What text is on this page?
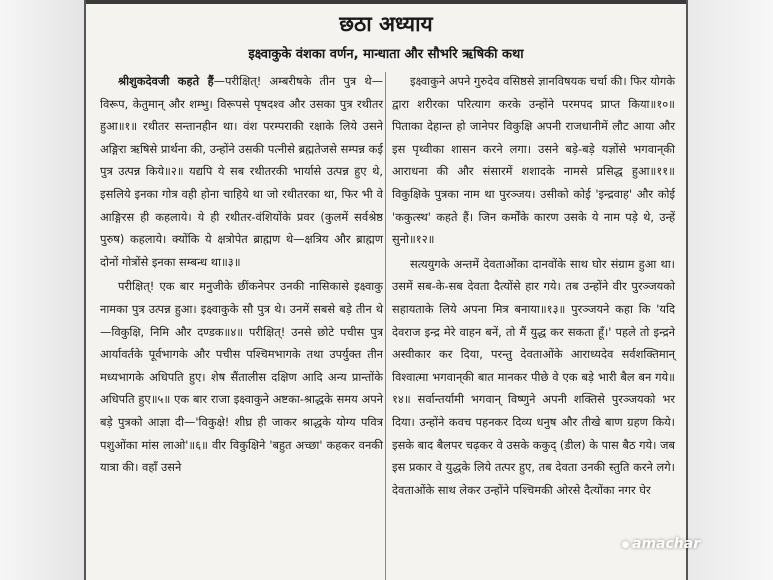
छठा अध्याय
इक्ष्वाकुके वंशका वर्णन, मान्धाता और सौभरि ऋषिकी कथा

श्रीशुकदेवजी कहते हैं—परीक्षित्! अम्बरीषके तीन पुत्र थे—विरूप, केतुमान् और शम्भु। विरूपसे पृषदश्व और उसका पुत्र रथीतर हुआ॥१॥ रथीतर सन्तानहीन था। वंश परम्पराकी रक्षाके लिये उसने अङ्गिरा ऋषिसे प्रार्थना की, उन्होंने उसकी पत्नीसे ब्रह्मतेजसे सम्पन्न कई पुत्र उत्पन्न किये॥२॥ यद्यपि ये सब रथीतरकी भार्यासे उत्पन्न हुए थे, इसलिये इनका गोत्र वही होना चाहिये था जो रथीतरका था, फिर भी वे आङ्गिरस ही कहलाये। ये ही रथीतर-वंशियोंके प्रवर (कुलमें सर्वश्रेष्ठ पुरुष) कहलाये। क्योंकि ये क्षत्रोपेत ब्राह्मण थे—क्षत्रिय और ब्राह्मण दोनों गोत्रोंसे इनका सम्बन्ध था॥३॥

परीक्षित्! एक बार मनुजीके छींकनेपर उनकी नासिकासे इक्ष्वाकु नामका पुत्र उत्पन्न हुआ। इक्ष्वाकुके सौ पुत्र थे। उनमें सबसे बड़े तीन थे—विकुक्षि, निमि और दण्डक॥४॥ परीक्षित्! उनसे छोटे पचीस पुत्र आर्यावर्तके पूर्वभागके और पचीस पश्चिमभागके तथा उपर्युक्त तीन मध्यभागके अधिपति हुए। शेष सैंतालीस दक्षिण आदि अन्य प्रान्तोंके अधिपति हुए॥५॥ एक बार राजा इक्ष्वाकुने अष्टका-श्राद्धके समय अपने बड़े पुत्रको आज्ञा दी—'विकुक्षे! शीघ्र ही जाकर श्राद्धके योग्य पवित्र पशुओंका मांस लाओ'॥६॥ वीर विकुक्षिने 'बहुत अच्छा' कहकर वनकी यात्रा की। वहाँ उसने

इक्ष्वाकुने अपने गुरुदेव वसिष्ठसे ज्ञानविषयक चर्चा की। फिर योगके द्वारा शरीरका परित्याग करके उन्होंने परमपद प्राप्त किया॥१०॥ पिताका देहान्त हो जानेपर विकुक्षि अपनी राजधानीमें लौट आया और इस पृथ्वीका शासन करने लगा। उसने बड़े-बड़े यज्ञोंसे भगवान्‌की आराधना की और संसारमें शशादके नामसे प्रसिद्ध हुआ॥११॥ विकुक्षिके पुत्रका नाम था पुरञ्जय। उसीको कोई 'इन्द्रवाह' और कोई 'ककुत्स्थ' कहते हैं। जिन कर्मोंके कारण उसके ये नाम पड़े थे, उन्हें सुनो॥१२॥

सत्ययुगके अन्तमें देवताओंका दानवोंके साथ घोर संग्राम हुआ था। उसमें सब-के-सब देवता दैत्योंसे हार गये। तब उन्होंने वीर पुरञ्जयको सहायताके लिये अपना मित्र बनाया॥१३॥ पुरञ्जयने कहा कि 'यदि देवराज इन्द्र मेरे वाहन बनें, तो मैं युद्ध कर सकता हूँ।' पहले तो इन्द्रने अस्वीकार कर दिया, परन्तु देवताओंके आराध्यदेव सर्वशक्तिमान् विश्वात्मा भगवान्‌की बात मानकर पीछे वे एक बड़े भारी बैल बन गये॥१४॥ सर्वान्तर्यामी भगवान् विष्णुने अपनी शक्तिसे पुरञ्जयको भर दिया। उन्होंने कवच पहनकर दिव्य धनुष और तीखे बाण ग्रहण किये। इसके बाद बैलपर चढ़कर वे उसके ककुद् (डील) के पास बैठ गये। जब इस प्रकार वे युद्धके लिये तत्पर हुए, तब देवता उनकी स्तुति करने लगे। देवताओंके साथ लेकर उन्होंने पश्चिमकी ओरसे दैत्योंका नगर घेर

amachar
